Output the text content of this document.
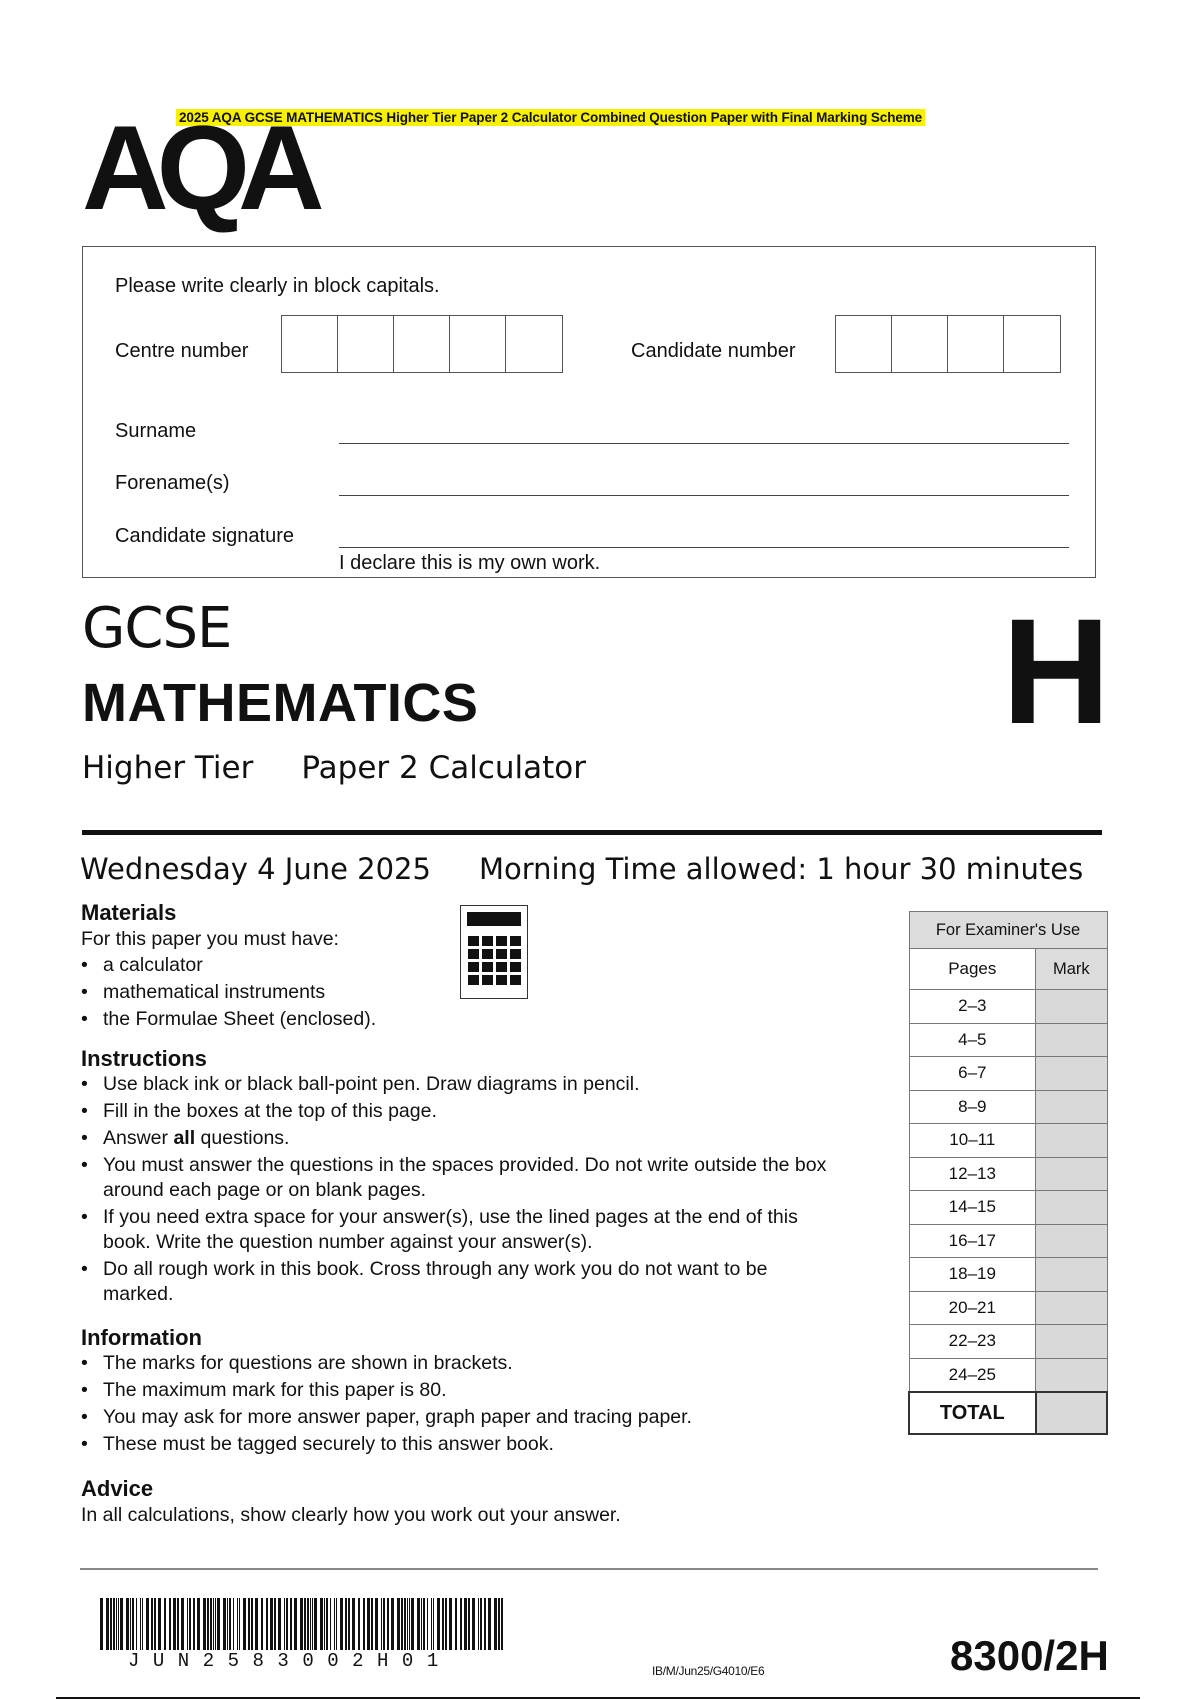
2025 AQA GCSE MATHEMATICS Higher Tier Paper 2 Calculator Combined Question Paper with Final Marking Scheme
AQA
Please write clearly in block capitals.
Centre number	Candidate number
Surname
Forename(s)
Candidate signature
I declare this is my own work.
GCSE
MATHEMATICS
Higher Tier Paper 2 Calculator
H
Wednesday 4 June 2025 Morning Time allowed: 1 hour 30 minutes
Materials
For this paper you must have:
• a calculator
• mathematical instruments
• the Formulae Sheet (enclosed).
Instructions
• Use black ink or black ball-point pen. Draw diagrams in pencil.
• Fill in the boxes at the top of this page.
• Answer all questions.
• You must answer the questions in the spaces provided. Do not write outside the box around each page or on blank pages.
• If you need extra space for your answer(s), use the lined pages at the end of this book. Write the question number against your answer(s).
• Do all rough work in this book. Cross through any work you do not want to be marked.
Information
• The marks for questions are shown in brackets.
• The maximum mark for this paper is 80.
• You may ask for more answer paper, graph paper and tracing paper.
• These must be tagged securely to this answer book.
Advice
In all calculations, show clearly how you work out your answer.
For Examiner's Use	
Pages	Mark
2–3	
4–5	
6–7	
8–9	
10–11	
12–13	
14–15	
16–17	
18–19	
20–21	
22–23	
24–25	
TOTAL	
JUN2583002H01	IB/M/Jun25/G4010/E6	8300/2H
